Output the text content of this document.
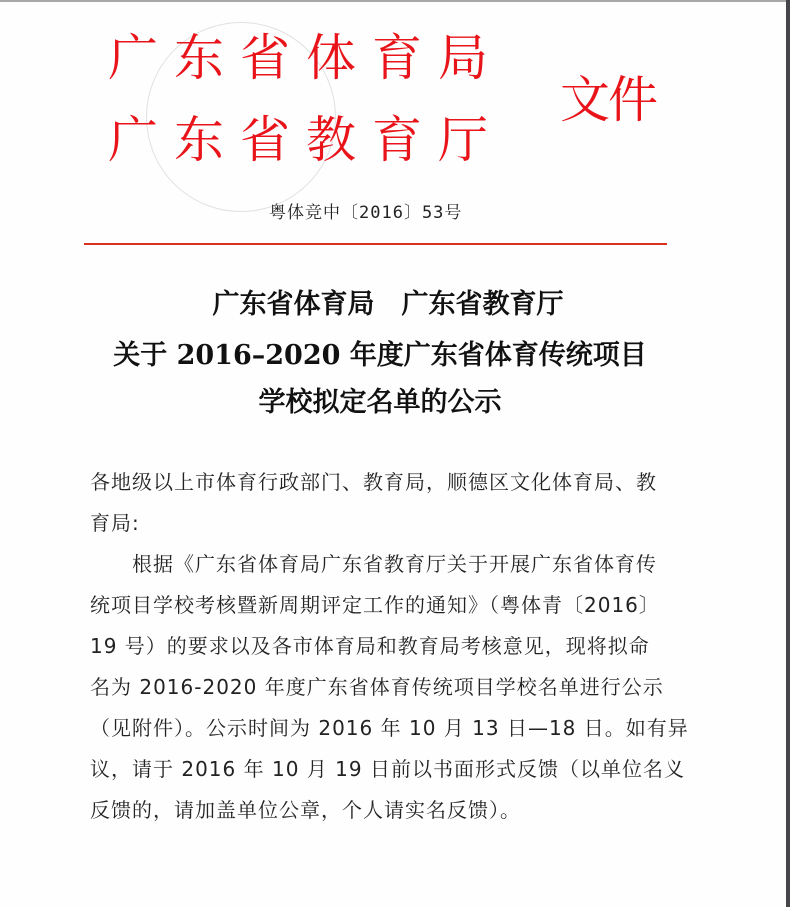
广 东 省 体 育 局
广 东 省 教 育 厅
文件
粤体竞中〔2016〕53号
广东省体育局　广东省教育厅
关于 2016–2020 年度广东省体育传统项目
学校拟定名单的公示
各地级以上市体育行政部门、教育局，顺德区文化体育局、教
育局:
　　根据《广东省体育局广东省教育厅关于开展广东省体育传
统项目学校考核暨新周期评定工作的通知》（粤体青〔2016〕
19 号）的要求以及各市体育局和教育局考核意见，现将拟命
名为 2016-2020 年度广东省体育传统项目学校名单进行公示
（见附件）。公示时间为 2016 年 10 月 13 日—18 日。如有异
议，请于 2016 年 10 月 19 日前以书面形式反馈（以单位名义
反馈的，请加盖单位公章，个人请实名反馈）。
